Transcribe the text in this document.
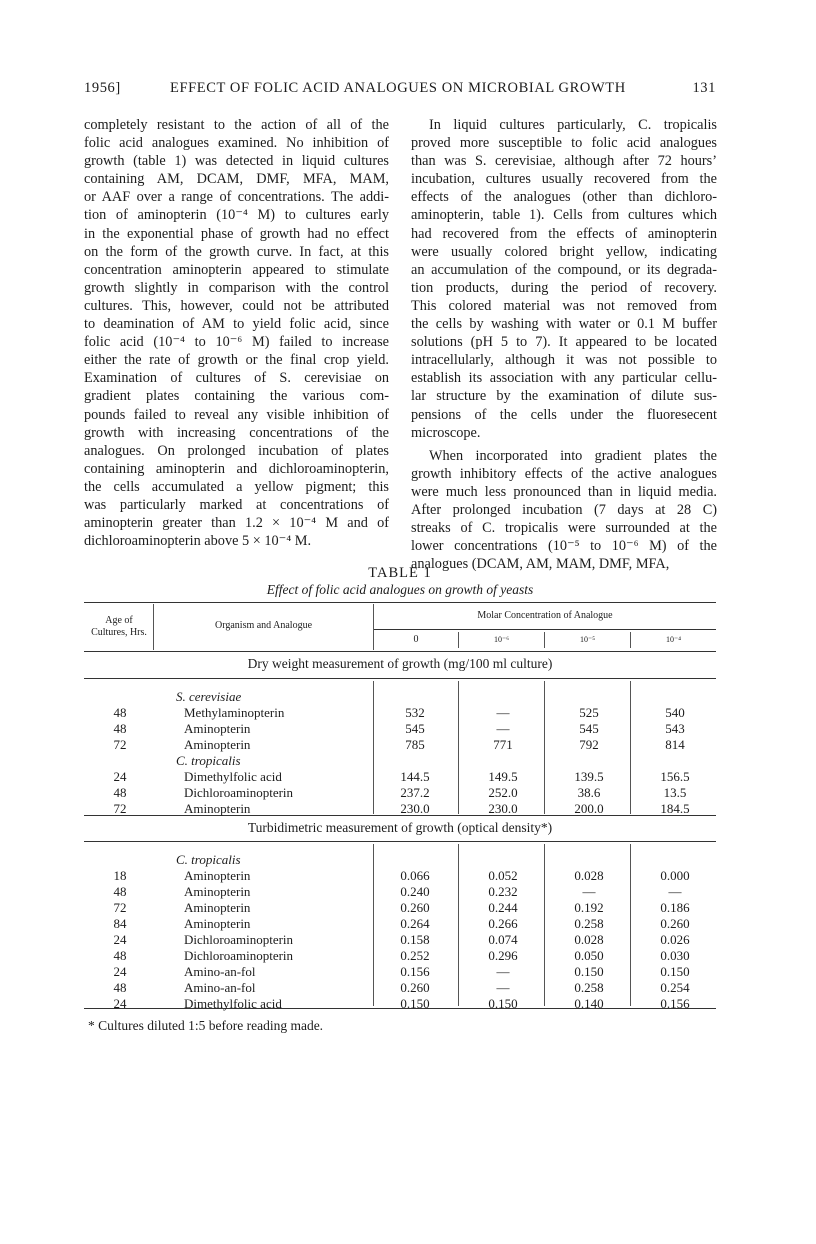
1956]	EFFECT OF FOLIC ACID ANALOGUES ON MICROBIAL GROWTH	131

completely resistant to the action of all of the
folic acid analogues examined. No inhibition of
growth (table 1) was detected in liquid cultures
containing AM, DCAM, DMF, MFA, MAM,
or AAF over a range of concentrations. The addi-
tion of aminopterin (10⁻⁴ M) to cultures early
in the exponential phase of growth had no effect
on the form of the growth curve. In fact, at this
concentration aminopterin appeared to stimulate
growth slightly in comparison with the control
cultures. This, however, could not be attributed
to deamination of AM to yield folic acid, since
folic acid (10⁻⁴ to 10⁻⁶ M) failed to increase
either the rate of growth or the final crop yield.
Examination of cultures of S. cerevisiae on
gradient plates containing the various com-
pounds failed to reveal any visible inhibition of
growth with increasing concentrations of the
analogues. On prolonged incubation of plates
containing aminopterin and dichloroaminopterin,
the cells accumulated a yellow pigment; this
was particularly marked at concentrations of
aminopterin greater than 1.2 × 10⁻⁴ M and of
dichloroaminopterin above 5 × 10⁻⁴ M.

In liquid cultures particularly, C. tropicalis
proved more susceptible to folic acid analogues
than was S. cerevisiae, although after 72 hours’
incubation, cultures usually recovered from the
effects of the analogues (other than dichloro-
aminopterin, table 1). Cells from cultures which
had recovered from the effects of aminopterin
were usually colored bright yellow, indicating
an accumulation of the compound, or its degrada-
tion products, during the period of recovery.
This colored material was not removed from
the cells by washing with water or 0.1 M buffer
solutions (pH 5 to 7). It appeared to be located
intracellularly, although it was not possible to
establish its association with any particular cellu-
lar structure by the examination of dilute sus-
pensions of the cells under the fluoresecent
microscope.

When incorporated into gradient plates the
growth inhibitory effects of the active analogues
were much less pronounced than in liquid media.
After prolonged incubation (7 days at 28 C)
streaks of C. tropicalis were surrounded at the
lower concentrations (10⁻⁵ to 10⁻⁶ M) of the
analogues (DCAM, AM, MAM, DMF, MFA,

TABLE 1
Effect of folic acid analogues on growth of yeasts
Age of
Cultures, Hrs.
Organism and Analogue
Molar Concentration of Analogue
0	10⁻⁶	10⁻⁵	10⁻⁴
Dry weight measurement of growth (mg/100 ml culture)
Turbidimetric measurement of growth (optical density*)
S. cerevisiae
48	Methylaminopterin	532	—	525	540
48	Aminopterin	545	—	545	543
72	Aminopterin	785	771	792	814
C. tropicalis
24	Dimethylfolic acid	144.5	149.5	139.5	156.5
48	Dichloroaminopterin	237.2	252.0	38.6	13.5
72	Aminopterin	230.0	230.0	200.0	184.5
C. tropicalis
18	Aminopterin	0.066	0.052	0.028	0.000
48	Aminopterin	0.240	0.232	—	—
72	Aminopterin	0.260	0.244	0.192	0.186
84	Aminopterin	0.264	0.266	0.258	0.260
24	Dichloroaminopterin	0.158	0.074	0.028	0.026
48	Dichloroaminopterin	0.252	0.296	0.050	0.030
24	Amino-an-fol	0.156	—	0.150	0.150
48	Amino-an-fol	0.260	—	0.258	0.254
24	Dimethylfolic acid	0.150	0.150	0.140	0.156
* Cultures diluted 1:5 before reading made.
